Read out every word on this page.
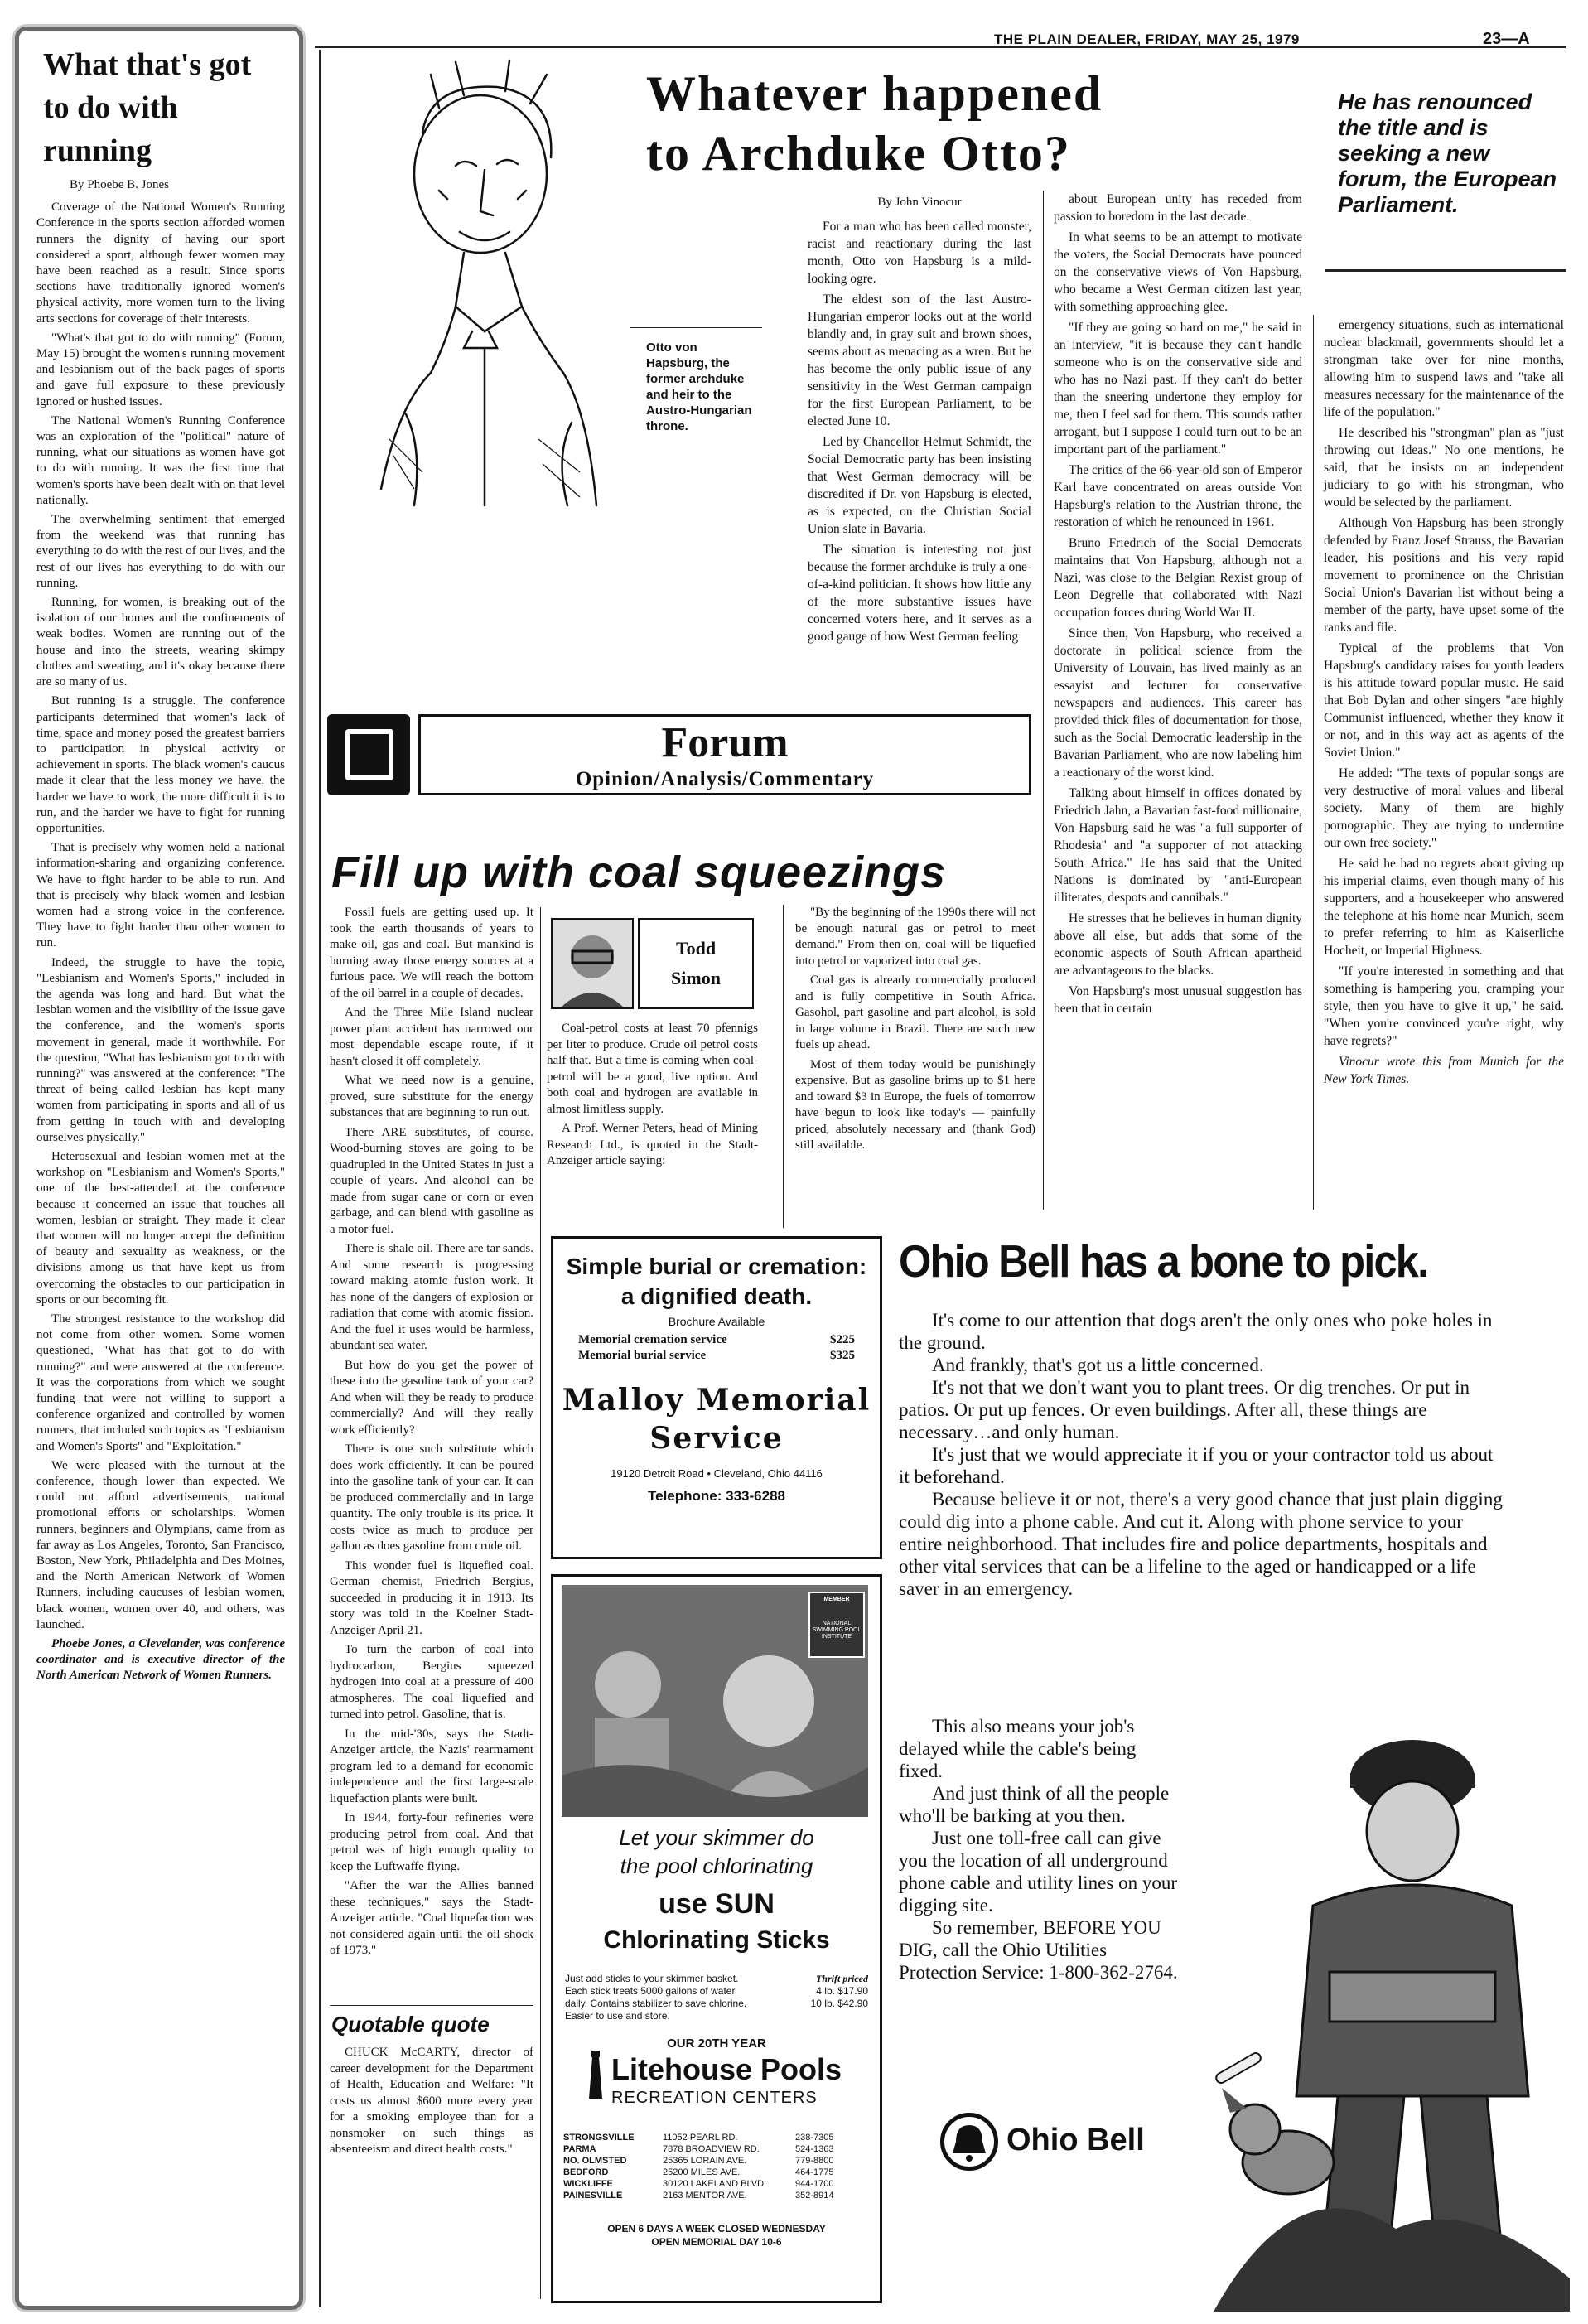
THE PLAIN DEALER, FRIDAY, MAY 25, 1979	23—A
What that's got to do with running
By Phoebe B. Jones

Coverage of the National Women's Running Conference in the sports section afforded women runners the dignity of having our sport considered a sport, although fewer women may have been reached as a result. Since sports sections have traditionally ignored women's physical activity, more women turn to the living arts sections for coverage of their interests.

"What's that got to do with running" (Forum, May 15) brought the women's running movement and lesbianism out of the back pages of sports and gave full exposure to these previously ignored or hushed issues.

The National Women's Running Conference was an exploration of the "political" nature of running, what our situations as women have got to do with running. It was the first time that women's sports have been dealt with on that level nationally.

The overwhelming sentiment that emerged from the weekend was that running has everything to do with the rest of our lives, and the rest of our lives has everything to do with our running.

Running, for women, is breaking out of the isolation of our homes and the confinements of weak bodies. Women are running out of the house and into the streets, wearing skimpy clothes and sweating, and it's okay because there are so many of us.

But running is a struggle. The conference participants determined that women's lack of time, space and money posed the greatest barriers to participation in physical activity or achievement in sports. The black women's caucus made it clear that the less money we have, the harder we have to work, the more difficult it is to run, and the harder we have to fight for running opportunities.

That is precisely why women held a national information-sharing and organizing conference. We have to fight harder to be able to run. And that is precisely why black women and lesbian women had a strong voice in the conference. They have to fight harder than other women to run.

Indeed, the struggle to have the topic, "Lesbianism and Women's Sports," included in the agenda was long and hard. But what the lesbian women and the visibility of the issue gave the conference, and the women's sports movement in general, made it worthwhile. For the question, "What has lesbianism got to do with running?" was answered at the conference: "The threat of being called lesbian has kept many women from participating in sports and all of us from getting in touch with and developing ourselves physically."

Heterosexual and lesbian women met at the workshop on "Lesbianism and Women's Sports," one of the best-attended at the conference because it concerned an issue that touches all women, lesbian or straight. They made it clear that women will no longer accept the definition of beauty and sexuality as weakness, or the divisions among us that have kept us from overcoming the obstacles to our participation in sports or our becoming fit.

The strongest resistance to the workshop did not come from other women. Some women questioned, "What has that got to do with running?" and were answered at the conference. It was the corporations from which we sought funding that were not willing to support a conference organized and controlled by women runners, that included such topics as "Lesbianism and Women's Sports" and "Exploitation."

We were pleased with the turnout at the conference, though lower than expected. We could not afford advertisements, national promotional efforts or scholarships. Women runners, beginners and Olympians, came from as far away as Los Angeles, Toronto, San Francisco, Boston, New York, Philadelphia and Des Moines, and the North American Network of Women Runners, including caucuses of lesbian women, black women, women over 40, and others, was launched.

Phoebe Jones, a Clevelander, was conference coordinator and is executive director of the North American Network of Women Runners.

Otto von Hapsburg, the former archduke and heir to the Austro-Hungarian throne.
Whatever happened
to Archduke Otto?
He has renounced the title and is seeking a new forum, the European Parliament.
By John Vinocur

For a man who has been called monster, racist and reactionary during the last month, Otto von Hapsburg is a mild-looking ogre.

The eldest son of the last Austro-Hungarian emperor looks out at the world blandly and, in gray suit and brown shoes, seems about as menacing as a wren. But he has become the only public issue of any sensitivity in the West German campaign for the first European Parliament, to be elected June 10.

Led by Chancellor Helmut Schmidt, the Social Democratic party has been insisting that West German democracy will be discredited if Dr. von Hapsburg is elected, as is expected, on the Christian Social Union slate in Bavaria.

The situation is interesting not just because the former archduke is truly a one-of-a-kind politician. It shows how little any of the more substantive issues have concerned voters here, and it serves as a good gauge of how West German feeling

about European unity has receded from passion to boredom in the last decade.

In what seems to be an attempt to motivate the voters, the Social Democrats have pounced on the conservative views of Von Hapsburg, who became a West German citizen last year, with something approaching glee.

"If they are going so hard on me," he said in an interview, "it is because they can't handle someone who is on the conservative side and who has no Nazi past. If they can't do better than the sneering undertone they employ for me, then I feel sad for them. This sounds rather arrogant, but I suppose I could turn out to be an important part of the parliament."

The critics of the 66-year-old son of Emperor Karl have concentrated on areas outside Von Hapsburg's relation to the Austrian throne, the restoration of which he renounced in 1961.

Bruno Friedrich of the Social Democrats maintains that Von Hapsburg, although not a Nazi, was close to the Belgian Rexist group of Leon Degrelle that collaborated with Nazi occupation forces during World War II.

Since then, Von Hapsburg, who received a doctorate in political science from the University of Louvain, has lived mainly as an essayist and lecturer for conservative newspapers and audiences. This career has provided thick files of documentation for those, such as the Social Democratic leadership in the Bavarian Parliament, who are now labeling him a reactionary of the worst kind.

Talking about himself in offices donated by Friedrich Jahn, a Bavarian fast-food millionaire, Von Hapsburg said he was "a full supporter of Rhodesia" and "a supporter of not attacking South Africa." He has said that the United Nations is dominated by "anti-European illiterates, despots and cannibals."

He stresses that he believes in human dignity above all else, but adds that some of the economic aspects of South African apartheid are advantageous to the blacks.

Von Hapsburg's most unusual suggestion has been that in certain

emergency situations, such as international nuclear blackmail, governments should let a strongman take over for nine months, allowing him to suspend laws and "take all measures necessary for the maintenance of the life of the population."

He described his "strongman" plan as "just throwing out ideas." No one mentions, he said, that he insists on an independent judiciary to go with his strongman, who would be selected by the parliament.

Although Von Hapsburg has been strongly defended by Franz Josef Strauss, the Bavarian leader, his positions and his very rapid movement to prominence on the Christian Social Union's Bavarian list without being a member of the party, have upset some of the ranks and file.

Typical of the problems that Von Hapsburg's candidacy raises for youth leaders is his attitude toward popular music. He said that Bob Dylan and other singers "are highly Communist influenced, whether they know it or not, and in this way act as agents of the Soviet Union."

He added: "The texts of popular songs are very destructive of moral values and liberal society. Many of them are highly pornographic. They are trying to undermine our own free society."

He said he had no regrets about giving up his imperial claims, even though many of his supporters, and a housekeeper who answered the telephone at his home near Munich, seem to prefer referring to him as Kaiserliche Hocheit, or Imperial Highness.

"If you're interested in something and that something is hampering you, cramping your style, then you have to give it up," he said. "When you're convinced you're right, why have regrets?"

Vinocur wrote this from Munich for the New York Times.

Forum
Opinion/Analysis/Commentary
Fill up with coal squeezings

Fossil fuels are getting used up. It took the earth thousands of years to make oil, gas and coal. But mankind is burning away those energy sources at a furious pace. We will reach the bottom of the oil barrel in a couple of decades.

And the Three Mile Island nuclear power plant accident has narrowed our most dependable escape route, if it hasn't closed it off completely.

What we need now is a genuine, proved, sure substitute for the energy substances that are beginning to run out.

There ARE substitutes, of course. Wood-burning stoves are going to be quadrupled in the United States in just a couple of years. And alcohol can be made from sugar cane or corn or even garbage, and can blend with gasoline as a motor fuel.

There is shale oil. There are tar sands. And some research is progressing toward making atomic fusion work. It has none of the dangers of explosion or radiation that come with atomic fission. And the fuel it uses would be harmless, abundant sea water.

But how do you get the power of these into the gasoline tank of your car? And when will they be ready to produce commercially? And will they really work efficiently?

There is one such substitute which does work efficiently. It can be poured into the gasoline tank of your car. It can be produced commercially and in large quantity. The only trouble is its price. It costs twice as much to produce per gallon as does gasoline from crude oil.

This wonder fuel is liquefied coal. German chemist, Friedrich Bergius, succeeded in producing it in 1913. Its story was told in the Koelner Stadt-Anzeiger April 21.

To turn the carbon of coal into hydrocarbon, Bergius squeezed hydrogen into coal at a pressure of 400 atmospheres. The coal liquefied and turned into petrol. Gasoline, that is.

In the mid-'30s, says the Stadt-Anzeiger article, the Nazis' rearmament program led to a demand for economic independence and the first large-scale liquefaction plants were built.

In 1944, forty-four refineries were producing petrol from coal. And that petrol was of high enough quality to keep the Luftwaffe flying.

"After the war the Allies banned these techniques," says the Stadt-Anzeiger article. "Coal liquefaction was not considered again until the oil shock of 1973."

Quotable quote

CHUCK McCARTY, director of career development for the Department of Health, Education and Welfare: "It costs us almost $600 more every year for a smoking employee than for a nonsmoker on such things as absenteeism and direct health costs."

Todd
Simon

Coal-petrol costs at least 70 pfennigs per liter to produce. Crude oil petrol costs half that. But a time is coming when coal-petrol will be a good, live option. And both coal and hydrogen are available in almost limitless supply.

A Prof. Werner Peters, head of Mining Research Ltd., is quoted in the Stadt-Anzeiger article saying:

"By the beginning of the 1990s there will not be enough natural gas or petrol to meet demand." From then on, coal will be liquefied into petrol or vaporized into coal gas.

Coal gas is already commercially produced and is fully competitive in South Africa. Gasohol, part gasoline and part alcohol, is sold in large volume in Brazil. There are such new fuels up ahead.

Most of them today would be punishingly expensive. But as gasoline brims up to $1 here and toward $3 in Europe, the fuels of tomorrow have begun to look like today's — painfully priced, absolutely necessary and (thank God) still available.

Simple burial or cremation:
a dignified death.
Brochure Available
Memorial cremation service	$225
Memorial burial service	$325
Malloy Memorial
Service
19120 Detroit Road • Cleveland, Ohio 44116
Telephone: 333-6288
MEMBER
NATIONAL SWIMMING POOL INSTITUTE
Let your skimmer do
the pool chlorinating
use SUN
Chlorinating Sticks
Just add sticks to your skimmer basket. Each stick treats 5000 gallons of water daily. Contains stabilizer to save chlorine. Easier to use and store.
Thrift priced
4 lb. $17.90
10 lb. $42.90
OUR 20TH YEAR
Litehouse Pools
RECREATION CENTERS
STRONGSVILLE	11052 PEARL RD.	238-7305
PARMA	7878 BROADVIEW RD.	524-1363
NO. OLMSTED	25365 LORAIN AVE.	779-8800
BEDFORD	25200 MILES AVE.	464-1775
WICKLIFFE	30120 LAKELAND BLVD.	944-1700
PAINESVILLE	2163 MENTOR AVE.	352-8914
OPEN 6 DAYS A WEEK CLOSED WEDNESDAY
OPEN MEMORIAL DAY 10-6
Ohio Bell has a bone to pick.

It's come to our attention that dogs aren't the only ones who poke holes in the ground.

And frankly, that's got us a little concerned.

It's not that we don't want you to plant trees. Or dig trenches. Or put in patios. Or put up fences. Or even buildings. After all, these things are necessary…and only human.

It's just that we would appreciate it if you or your contractor told us about it beforehand.

Because believe it or not, there's a very good chance that just plain digging could dig into a phone cable. And cut it. Along with phone service to your entire neighborhood. That includes fire and police departments, hospitals and other vital services that can be a lifeline to the aged or handicapped or a life saver in an emergency.

This also means your job's delayed while the cable's being fixed.

And just think of all the people who'll be barking at you then.

Just one toll-free call can give you the location of all underground phone cable and utility lines on your digging site.

So remember, BEFORE YOU DIG, call the Ohio Utilities Protection Service: 1-800-362-2764.

Ohio Bell
